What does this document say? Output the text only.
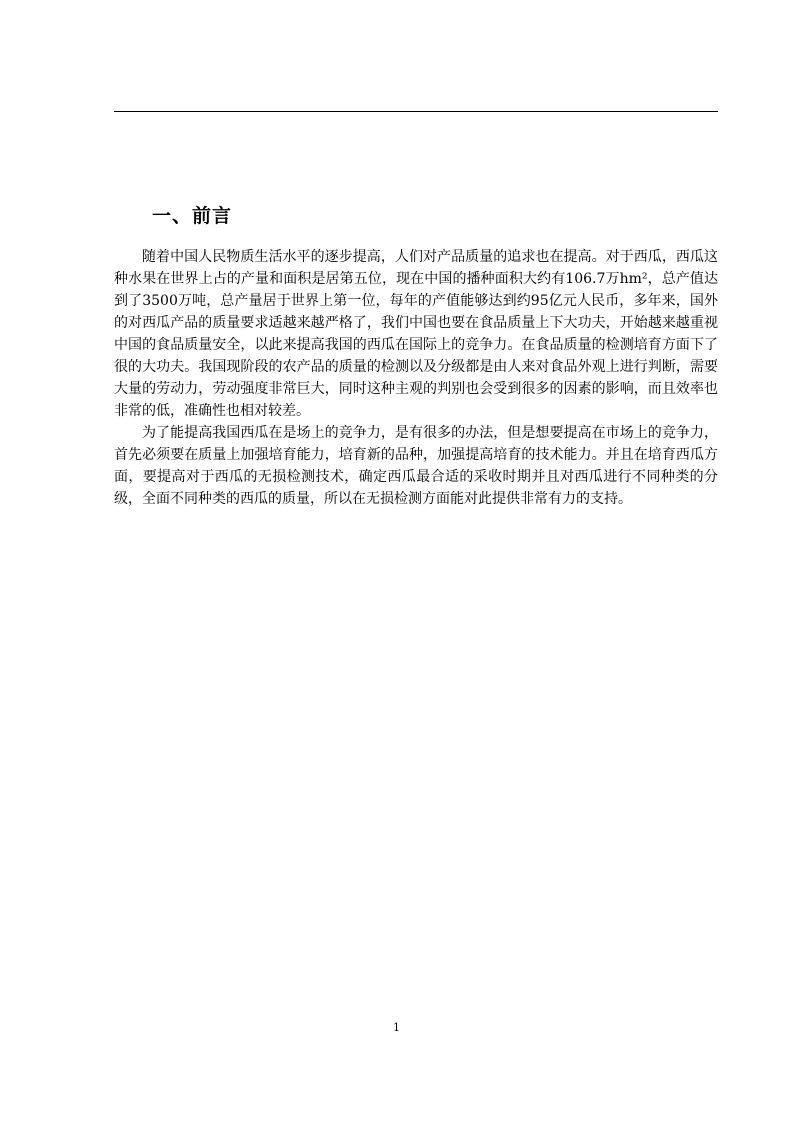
一、前言

随着中国人民物质生活水平的逐步提高，人们对产品质量的追求也在提高。对于西瓜，西瓜这种水果在世界上占的产量和面积是居第五位，现在中国的播种面积大约有106.7万hm²，总产值达到了3500万吨，总产量居于世界上第一位，每年的产值能够达到约95亿元人民币，多年来，国外的对西瓜产品的质量要求适越来越严格了，我们中国也要在食品质量上下大功夫，开始越来越重视中国的食品质量安全，以此来提高我国的西瓜在国际上的竞争力。在食品质量的检测培育方面下了很的大功夫。我国现阶段的农产品的质量的检测以及分级都是由人来对食品外观上进行判断，需要大量的劳动力，劳动强度非常巨大，同时这种主观的判别也会受到很多的因素的影响，而且效率也非常的低，准确性也相对较差。

为了能提高我国西瓜在是场上的竞争力，是有很多的办法，但是想要提高在市场上的竞争力，首先必须要在质量上加强培育能力，培育新的品种，加强提高培育的技术能力。并且在培育西瓜方面，要提高对于西瓜的无损检测技术，确定西瓜最合适的采收时期并且对西瓜进行不同种类的分级，全面不同种类的西瓜的质量，所以在无损检测方面能对此提供非常有力的支持。

1
